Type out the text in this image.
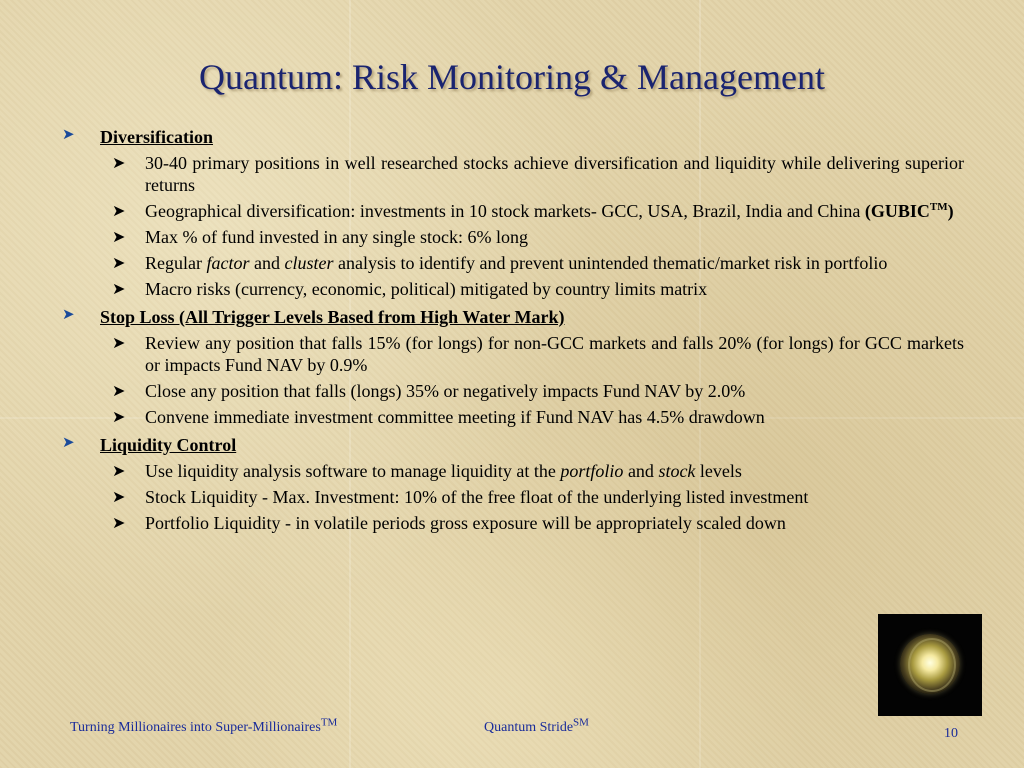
Quantum: Risk Monitoring & Management
➤ Diversification
➤ 30-40 primary positions in well researched stocks achieve diversification and liquidity while delivering superior returns
➤ Geographical diversification: investments in 10 stock markets- GCC, USA, Brazil, India and China (GUBIC™)
➤ Max % of fund invested in any single stock: 6% long
➤ Regular factor and cluster analysis to identify and prevent unintended thematic/market risk in portfolio
➤ Macro risks (currency, economic, political) mitigated by country limits matrix
➤ Stop Loss (All Trigger Levels Based from High Water Mark)
➤ Review any position that falls 15% (for longs) for non-GCC markets and falls 20% (for longs) for GCC markets or impacts Fund NAV by 0.9%
➤ Close any position that falls (longs) 35% or negatively impacts Fund NAV by 2.0%
➤ Convene immediate investment committee meeting if Fund NAV has 4.5% drawdown
➤ Liquidity Control
➤ Use liquidity analysis software to manage liquidity at the portfolio and stock levels
➤ Stock Liquidity - Max. Investment: 10% of the free float of the underlying listed investment
➤ Portfolio Liquidity - in volatile periods gross exposure will be appropriately scaled down
Turning Millionaires into Super-Millionaires™	Quantum Stride℠
10
